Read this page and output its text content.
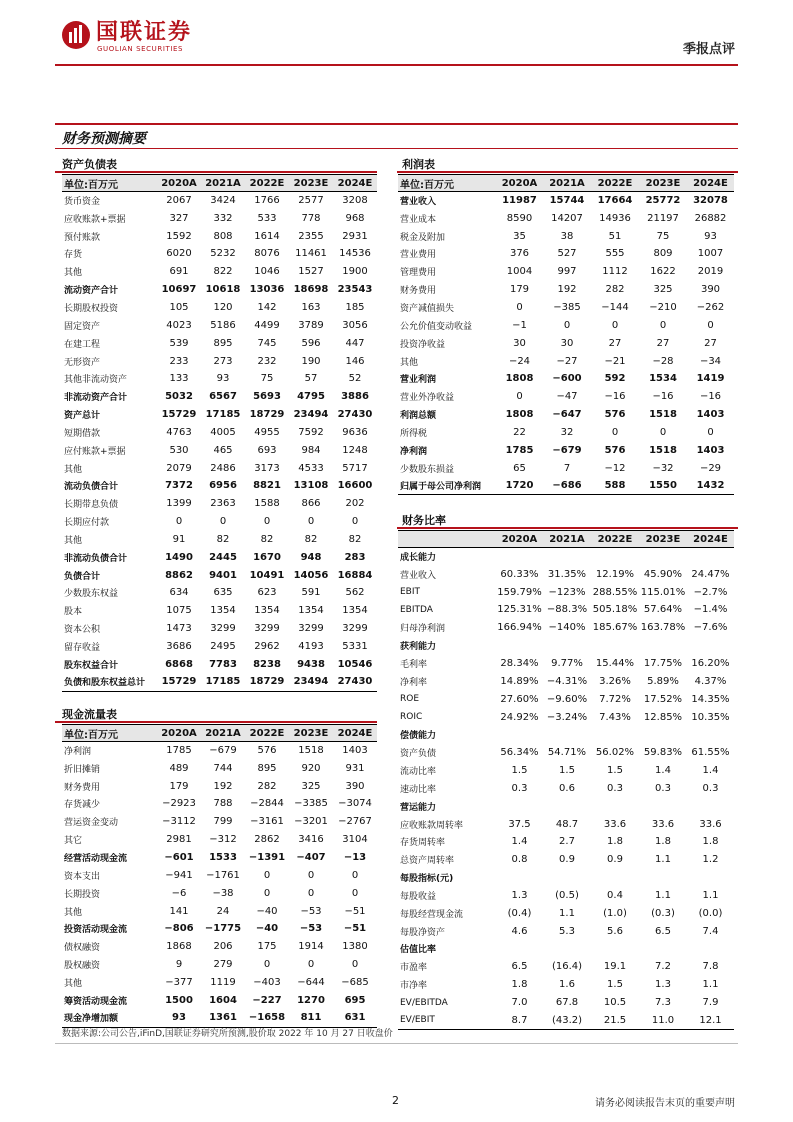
国联证券
GUOLIAN SECURITIES	季报点评
财务预测摘要
资产负债表
单位:百万元	2020A	2021A	2022E	2023E	2024E
货币资金	2067	3424	1766	2577	3208
应收账款+票据	327	332	533	778	968
预付账款	1592	808	1614	2355	2931
存货	6020	5232	8076	11461	14536
其他	691	822	1046	1527	1900
流动资产合计	10697	10618	13036	18698	23543
长期股权投资	105	120	142	163	185
固定资产	4023	5186	4499	3789	3056
在建工程	539	895	745	596	447
无形资产	233	273	232	190	146
其他非流动资产	133	93	75	57	52
非流动资产合计	5032	6567	5693	4795	3886
资产总计	15729	17185	18729	23494	27430
短期借款	4763	4005	4955	7592	9636
应付账款+票据	530	465	693	984	1248
其他	2079	2486	3173	4533	5717
流动负债合计	7372	6956	8821	13108	16600
长期带息负债	1399	2363	1588	866	202
长期应付款	0	0	0	0	0
其他	91	82	82	82	82
非流动负债合计	1490	2445	1670	948	283
负债合计	8862	9401	10491	14056	16884
少数股东权益	634	635	623	591	562
股本	1075	1354	1354	1354	1354
资本公积	1473	3299	3299	3299	3299
留存收益	3686	2495	2962	4193	5331
股东权益合计	6868	7783	8238	9438	10546
负债和股东权益总计	15729	17185	18729	23494	27430
利润表
单位:百万元	2020A	2021A	2022E	2023E	2024E
营业收入	11987	15744	17664	25772	32078
营业成本	8590	14207	14936	21197	26882
税金及附加	35	38	51	75	93
营业费用	376	527	555	809	1007
管理费用	1004	997	1112	1622	2019
财务费用	179	192	282	325	390
资产减值损失	0	−385	−144	−210	−262
公允价值变动收益	−1	0	0	0	0
投资净收益	30	30	27	27	27
其他	−24	−27	−21	−28	−34
营业利润	1808	−600	592	1534	1419
营业外净收益	0	−47	−16	−16	−16
利润总额	1808	−647	576	1518	1403
所得税	22	32	0	0	0
净利润	1785	−679	576	1518	1403
少数股东损益	65	7	−12	−32	−29
归属于母公司净利润	1720	−686	588	1550	1432
现金流量表
单位:百万元	2020A	2021A	2022E	2023E	2024E
净利润	1785	−679	576	1518	1403
折旧摊销	489	744	895	920	931
财务费用	179	192	282	325	390
存货减少	−2923	788	−2844	−3385	−3074
营运资金变动	−3112	799	−3161	−3201	−2767
其它	2981	−312	2862	3416	3104
经营活动现金流	−601	1533	−1391	−407	−13
资本支出	−941	−1761	0	0	0
长期投资	−6	−38	0	0	0
其他	141	24	−40	−53	−51
投资活动现金流	−806	−1775	−40	−53	−51
债权融资	1868	206	175	1914	1380
股权融资	9	279	0	0	0
其他	−377	1119	−403	−644	−685
筹资活动现金流	1500	1604	−227	1270	695
现金净增加额	93	1361	−1658	811	631
财务比率
	2020A	2021A	2022E	2023E	2024E
成长能力					
营业收入	60.33%	31.35%	12.19%	45.90%	24.47%
EBIT	159.79%	−123%	288.55%	115.01%	−2.7%
EBITDA	125.31%	−88.3%	505.18%	57.64%	−1.4%
归母净利润	166.94%	−140%	185.67%	163.78%	−7.6%
获利能力					
毛利率	28.34%	9.77%	15.44%	17.75%	16.20%
净利率	14.89%	−4.31%	3.26%	5.89%	4.37%
ROE	27.60%	−9.60%	7.72%	17.52%	14.35%
ROIC	24.92%	−3.24%	7.43%	12.85%	10.35%
偿债能力					
资产负债	56.34%	54.71%	56.02%	59.83%	61.55%
流动比率	1.5	1.5	1.5	1.4	1.4
速动比率	0.3	0.6	0.3	0.3	0.3
营运能力					
应收账款周转率	37.5	48.7	33.6	33.6	33.6
存货周转率	1.4	2.7	1.8	1.8	1.8
总资产周转率	0.8	0.9	0.9	1.1	1.2
每股指标(元)					
每股收益	1.3	(0.5)	0.4	1.1	1.1
每股经营现金流	(0.4)	1.1	(1.0)	(0.3)	(0.0)
每股净资产	4.6	5.3	5.6	6.5	7.4
估值比率					
市盈率	6.5	(16.4)	19.1	7.2	7.8
市净率	1.8	1.6	1.5	1.3	1.1
EV/EBITDA	7.0	67.8	10.5	7.3	7.9
EV/EBIT	8.7	(43.2)	21.5	11.0	12.1
数据来源:公司公告,iFinD,国联证券研究所预测,股价取 2022 年 10 月 27 日收盘价
2	请务必阅读报告末页的重要声明
